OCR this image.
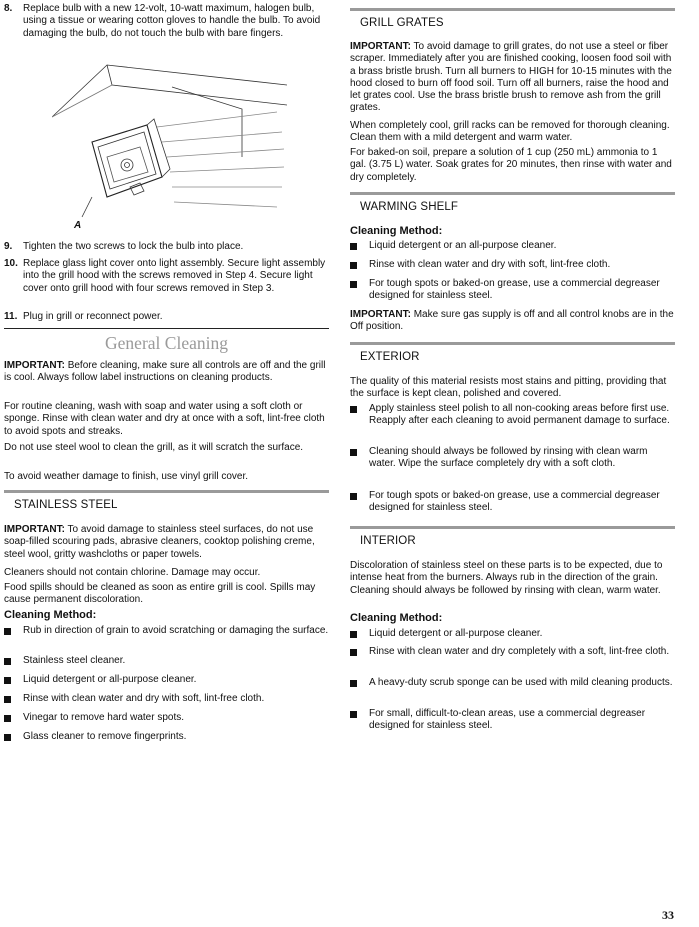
8. Replace bulb with a new 12-volt, 10-watt maximum, halogen bulb, using a tissue or wearing cotton gloves to handle the bulb. To avoid damaging the bulb, do not touch the bulb with bare fingers.
A
9. Tighten the two screws to lock the bulb into place.
10. Replace glass light cover onto light assembly. Secure light assembly into the grill hood with the screws removed in Step 4. Secure light cover onto grill hood with four screws removed in Step 3.
11. Plug in grill or reconnect power.
General Cleaning
IMPORTANT: Before cleaning, make sure all controls are off and the grill is cool. Always follow label instructions on cleaning products.
For routine cleaning, wash with soap and water using a soft cloth or sponge. Rinse with clean water and dry at once with a soft, lint-free cloth to avoid spots and streaks.
Do not use steel wool to clean the grill, as it will scratch the surface.
To avoid weather damage to finish, use vinyl grill cover.
STAINLESS STEEL
IMPORTANT: To avoid damage to stainless steel surfaces, do not use soap-filled scouring pads, abrasive cleaners, cooktop polishing creme, steel wool, gritty washcloths or paper towels.
Cleaners should not contain chlorine. Damage may occur.
Food spills should be cleaned as soon as entire grill is cool. Spills may cause permanent discoloration.
Cleaning Method:
Rub in direction of grain to avoid scratching or damaging the surface.
Stainless steel cleaner.
Liquid detergent or all-purpose cleaner.
Rinse with clean water and dry with soft, lint-free cloth.
Vinegar to remove hard water spots.
Glass cleaner to remove fingerprints.
GRILL GRATES
IMPORTANT: To avoid damage to grill grates, do not use a steel or fiber scraper. Immediately after you are finished cooking, loosen food soil with a brass bristle brush. Turn all burners to HIGH for 10-15 minutes with the hood closed to burn off food soil. Turn off all burners, raise the hood and let grates cool. Use the brass bristle brush to remove ash from the grill grates.
When completely cool, grill racks can be removed for thorough cleaning. Clean them with a mild detergent and warm water.
For baked-on soil, prepare a solution of 1 cup (250 mL) ammonia to 1 gal. (3.75 L) water. Soak grates for 20 minutes, then rinse with water and dry completely.
WARMING SHELF
Cleaning Method:
Liquid detergent or an all-purpose cleaner.
Rinse with clean water and dry with soft, lint-free cloth.
For tough spots or baked-on grease, use a commercial degreaser designed for stainless steel.
IMPORTANT: Make sure gas supply is off and all control knobs are in the Off position.
EXTERIOR
The quality of this material resists most stains and pitting, providing that the surface is kept clean, polished and covered.
Apply stainless steel polish to all non-cooking areas before first use. Reapply after each cleaning to avoid permanent damage to surface.
Cleaning should always be followed by rinsing with clean warm water. Wipe the surface completely dry with a soft cloth.
For tough spots or baked-on grease, use a commercial degreaser designed for stainless steel.
INTERIOR
Discoloration of stainless steel on these parts is to be expected, due to intense heat from the burners. Always rub in the direction of the grain. Cleaning should always be followed by rinsing with clean, warm water.
Cleaning Method:
Liquid detergent or all-purpose cleaner.
Rinse with clean water and dry completely with a soft, lint-free cloth.
A heavy-duty scrub sponge can be used with mild cleaning products.
For small, difficult-to-clean areas, use a commercial degreaser designed for stainless steel.
33
